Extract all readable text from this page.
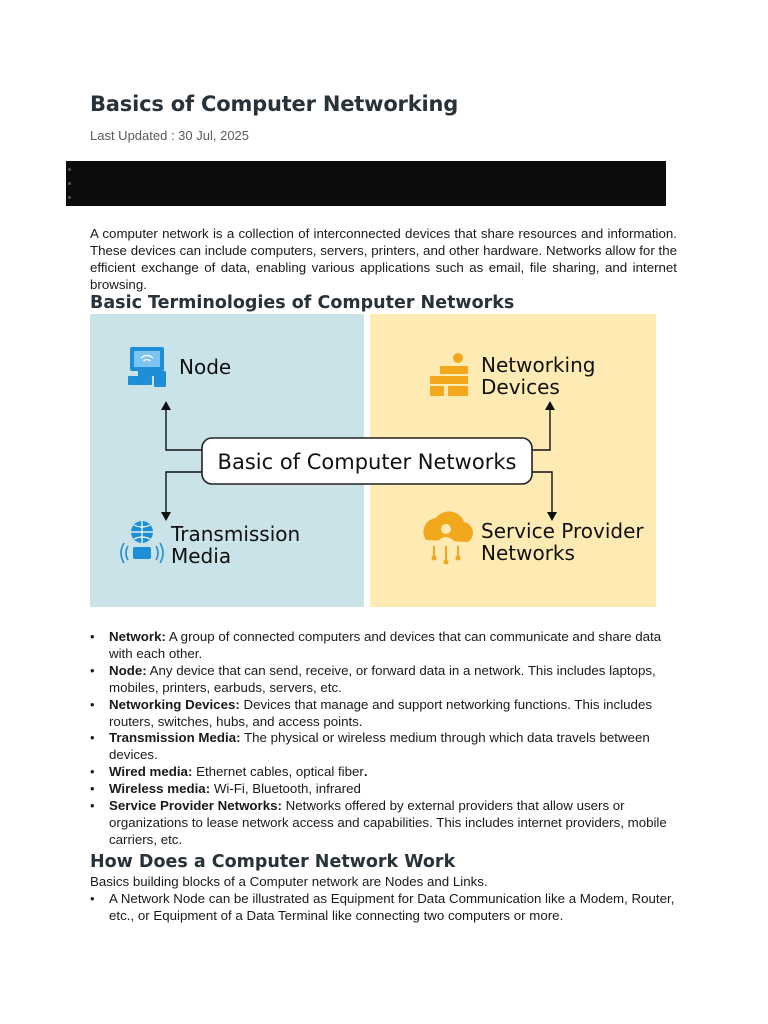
Basics of Computer Networking
Last Updated : 30 Jul, 2025

A computer network is a collection of interconnected devices that share resources and information. These devices can include computers, servers, printers, and other hardware. Networks allow for the efficient exchange of data, enabling various applications such as email, file sharing, and internet browsing.

Basic Terminologies of Computer Networks
Basic of Computer Networks
Node	Networking
Devices
Transmission
Media
Service Provider
Networks
•	Network: A group of connected computers and devices that can communicate and share data with each other.
•	Node: Any device that can send, receive, or forward data in a network. This includes laptops, mobiles, printers, earbuds, servers, etc.
•	Networking Devices: Devices that manage and support networking functions. This includes routers, switches, hubs, and access points.
•	Transmission Media: The physical or wireless medium through which data travels between devices.
•	Wired media: Ethernet cables, optical fiber.
•	Wireless media: Wi-Fi, Bluetooth, infrared
•	Service Provider Networks: Networks offered by external providers that allow users or organizations to lease network access and capabilities. This includes internet providers, mobile carriers, etc.
How Does a Computer Network Work
Basics building blocks of a Computer network are Nodes and Links.
•	A Network Node can be illustrated as Equipment for Data Communication like a Modem, Router, etc., or Equipment of a Data Terminal like connecting two computers or more.
